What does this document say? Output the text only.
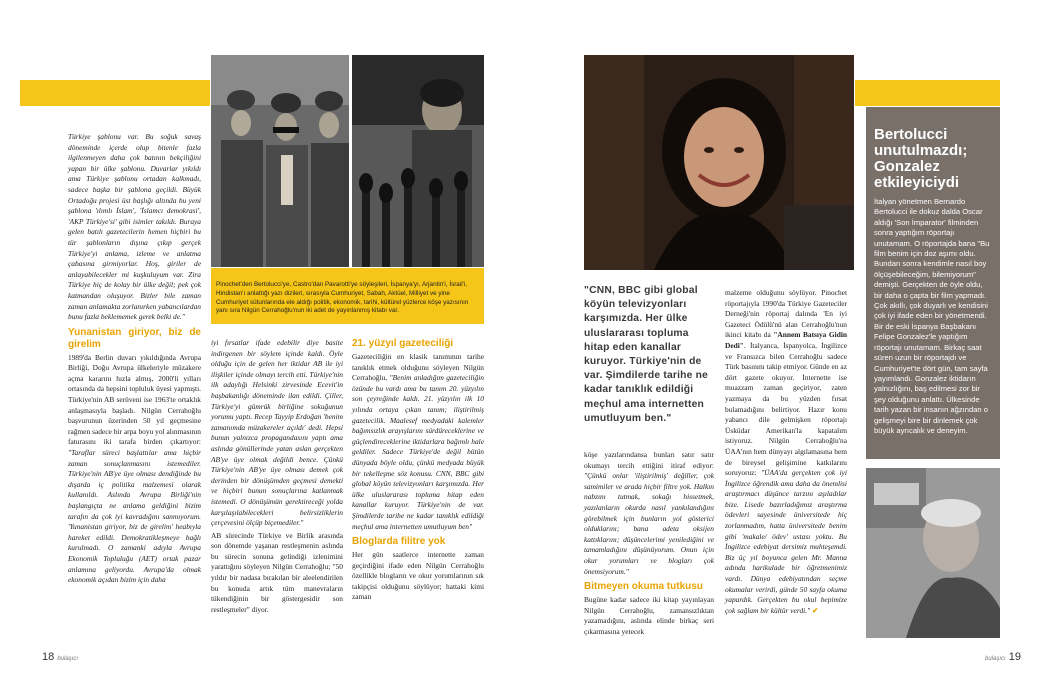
Pinochet'den Bertolucci'ye, Castro'dan Pavarotti'ye söyleşileri, İspanya'yı, Arjantin'i, İsrail'i, Hindistan'ı anlattığı yazı dizileri, sırasıyla Cumhuriyet, Sabah, Aktüel, Milliyet ve yine Cumhuriyet sütunlarında ele aldığı politik, ekonomik, tarihi, kültürel yüzlerce köşe yazısının yanı sıra Nilgün Cerrahoğlu'nun iki adet de yayınlanmış kitabı var.

Türkiye şablonu var. Bu soğuk savaş döneminde içerde olup bitenle fazla ilgilenmeyen daha çok batının bekçiliğini yapan bir ülke şablonu. Duvarlar yıkıldı ama Türkiye şablonu ortadan kalkmadı, sadece başka bir şablona geçildi. Büyük Ortadoğu projesi üst başlığı altında bu yeni şablona 'ılımlı İslam', 'İslamcı demokrasi', 'AKP Türkiye'si' gibi isimler takıldı. Buraya gelen batılı gazetecilerin hemen hiçbiri bu tür şablonların dışına çıkıp gerçek Türkiye'yi anlama, izleme ve anlatma çabasına girmiyorlar. Hoş, giriler de anlayabilecekler mi kuşkuluyum var. Zira Türkiye hiç de kolay bir ülke değil; pek çok katmandan oluşuyor. Bizler bile zaman zaman anlamakta zorlanırken yabancılardan bunu fazla beklememek gerek belki de."

Yunanistan giriyor, biz de girelim

1989'da Berlin duvarı yıkıldığında Avrupa Birliği, Doğu Avrupa ülkeleriyle müzakere açma kararını hızla almış, 2000'li yılları ortasında da hepsini topluluk üyesi yapmıştı. Türkiye'nin AB serüveni ise 1963'te ortaklık anlaşmasıyla başladı. Nilgün Cerrahoğlu başvurunun üzerinden 50 yıl geçmesine rağmen sadece bir arpa boyu yol alınmasının faturasını iki tarafa birden çıkartıyor: "Taraflar süreci başlattılar ama hiçbir zaman sonuçlanmasını istemediler. Türkiye'nin AB'ye üye olması dendiğinde bu dışarda iç politika malzemesi olarak kullanıldı. Aslında Avrupa Birliği'nin başlangıçta ne anlama geldiğini bizim tarafın da çok iyi kavradığını sanmıyorum. 'Yunanistan giriyor, biz de girelim' heabıyla hareket edildi. Demokratikleşmeye bağlı kurulmadı. O zamanki adıyla Avrupa Ekonomik Topluluğu (AET) ortak pazar anlamına geliyordu. Avrupa'da olmak ekonomik açıdan bizim için daha

iyi fırsatlar ifade edebilir diye basite indirgenen bir söylem içinde kaldı. Öyle olduğu için de gelen her iktidar AB ile iyi ilişkiler içinde olmayı tercih etti. Türkiye'nin ilk adaylığı Helsinki zirvesinde Ecevit'in başbakanlığı döneminde ilan edildi. Çiller, Türkiye'yi gümrük birliğine sokuğunun yorumu yaptı. Recep Tayyip Erdoğan 'benim zamanımda müzakereler açıldı' dedi. Hepsi bunun yalnızca propagandasını yaptı ama aslında gönüllerinde yatan aslan gerçekten AB'ye üye olmak değildi bence. Çünkü Türkiye'nin AB'ye üye olması demek çok derinden bir dönüşümden geçmesi demekti ve hiçbiri bunun sonuçlarına katlanmak istemedi. O dönüşümün gerektireceği yolda karşılaşılabilecekleri belirsizliklerin çerçevesini ölçüp biçemediler."

AB sürecinde Türkiye ve Birlik arasında son dönemde yaşanan restleşmenin aslında bu sürecin sonuna gelindiği izlenimini yarattığını söyleyen Nilgün Cerrahoğlu; "50 yıldır bir nadasa bırakılan bir aleelendirilen bu konuda artık tüm manevraların tükendiğinin bir göstergesidir son restleşmeler" diyor.

21. yüzyıl gazeteciliği

Gazeteciliğin en klasik tanımının tarihe tanıklık etmek olduğunu söyleyen Nilgün Cerrahoğlu, "Benim anladığım gazeteciliğin özünde bu vardı ama bu tanım 20. yüzyılın son çeyreğinde kaldı. 21. yüzyılın ilk 10 yılında ortaya çıkan tanım; iliştirilmiş gazetecilik. Maalesef medyadaki kalemler bağımsızlık arayışlarını sürdüreceklerine ve güçlendireceklerine iktidarlara bağımlı hale geldiler. Sadece Türkiye'de değil bütün dünyada böyle oldu, çünkü medyada büyük bir tekelleşme söz konusu. CNN, BBC gibi global köyün televizyonları karşımızda. Her ülke uluslararası topluma hitap eden kanallar kuruyor. Türkiye'nin de var. Şimdilerde tarihe ne kadar tanıklık edildiği meçhul ama internetten umutluyum ben"

Bloglarda filitre yok

Her gün saatlerce internette zaman geçirdiğini ifade eden Nilgün Cerrahoğlu özellikle blogların ve okur yorumlarının sık takipçisi olduğunu söylüyor; hattaki kimi zaman

18 bulaşıcı
"CNN, BBC gibi global köyün televizyonları karşımızda. Her ülke uluslararası topluma hitap eden kanallar kuruyor. Türkiye'nin de var. Şimdilerde tarihe ne kadar tanıklık edildiği meçhul ama internetten umutluyum ben."

köşe yazılarındansa bunları satır satır okumayı tercih ettiğini itiraf ediyor: "Çünkü onlar 'iliştirilmiş' değiller, çok samimiler ve arada hiçbir filtre yok. Halkın nabzını tutmak, sokağı hissetmek, yazılanların okurda nasıl yankılandığını görebilmek için bunların yol gösterici olduklarını; bana adeta oksijen kattıklarını; düşüncelerimi yenilediğini ve tamamladığını düşünüyorum. Onun için okur yorumları ve blogları çok önemsiyorum."

Bitmeyen okuma tutkusu

Bugüne kadar sadece iki kitap yayınlayan Nilgün Cerrahoğlu, zamansızlıktan yazamadığını, aslında elinde birkaç seri çıkarmasına yetecek

malzeme olduğunu söylüyor. Pinochet röportajıyla 1990'da Türkiye Gazeteciler Derneği'nin röportaj dalında 'En iyi Gazeteci Ödülü'nü alan Cerrahoğlu'nun ikinci kitabı da "Annem Batsıya Gidin Dedi". İtalyanca, İspanyolca, İngilizce ve Fransızca bilen Cerrahoğlu sadece Türk basınını takip etmiyor. Günde en az dört gazete okuyor. İnternette ise muazzam zaman geçiriyor, zaten yazmaya da bu yüzden fırsat bulamadığını belirtiyor. Hazır konu yabancı dile gelmişken röportajı Üsküdar Amerikan'la kapatalım istiyoruz. Nilgün Cerrahoğlu'na ÜAA'nın hem dünyayı algılamasına hem de bireysel gelişimine katkılarını soruyoruz: "ÜAA'da gerçekten çok iyi İngilizce öğrendik ama daha da önemlisi araştırmacı düşünce tarzını aşıladılar bize. Lisede bazırladığımız araştırma ödevleri sayesinde üniversitede hiç zorlanmadım, hatta üniversitede benim gibi 'makale/ ödev' ustası yoktu. Bu İngilizce edebiyat dersimiz muhteşemdi. Biz üç yıl boyunca gelen Mr. Manna adında harikulade bir öğretmenimiz vardı. Dünya edebiyatından seçme okumalar verirdi, günde 50 sayfa okuma yapardık. Gerçekten bu okul bepimize çok sağlam bir kültür verdi." ✔

Bertolucci unutulmazdı; Gonzalez etkileyiciydi
İtalyan yönetmen Bernardo Bertolucci ile dokuz dalda Oscar aldığı 'Son İmparator' filminden sonra yaptığım röportajı unutamam. O röportajda bana "Bu film benim için doz aşımı oldu. Bundan sonra kendimle nasıl boy ölçüşebileceğim, bilemiyorum" demişti. Gerçekten de öyle oldu, bir daha o çapta bir film yapmadı. Çok akıllı, çok duyarlı ve kendisini çok iyi ifade eden bir yönetmendi. Bir de eski İspanya Başbakanı Felipe Gonzalez'le yaptığım röportajı unutamam. Birkaç saat süren uzun bir röportajdı ve Cumhuriyet'te dört gün, tam sayfa yayımlandı. Gonzalez iktidarın yalnızlığını, baş edilmesi zor bir şey olduğunu anlattı. Ülkesinde tarih yazan bir insanın ağzından o gelişmeyi bire bir dinlemek çok büyük ayrıcalık ve deneyim.
bulaşıcı 19
